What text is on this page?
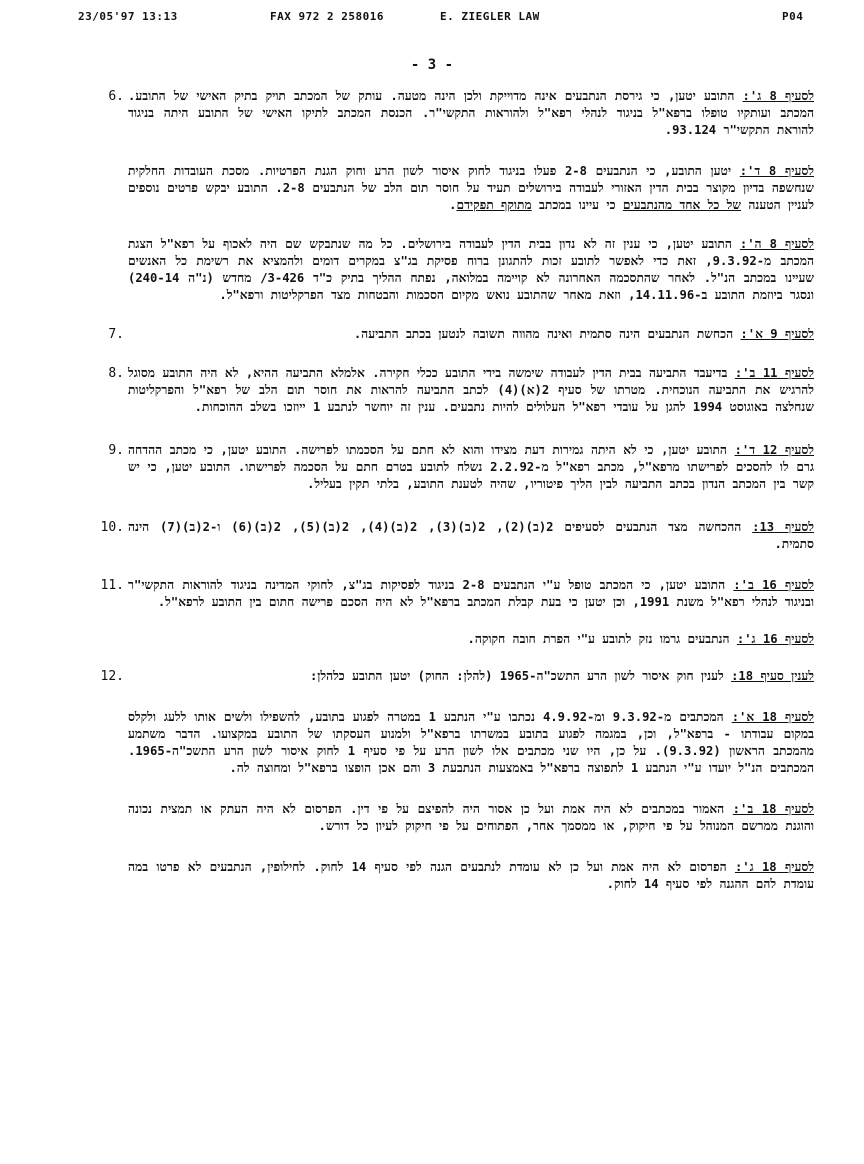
23/05'97 13:13	FAX 972 2 258016	E. ZIEGLER LAW	P04
- 3 -
6.	לסעיף 8 ג': התובע יטען, כי גירסת הנתבעים אינה מדוייקת ולכן הינה מטעה. עותק של המכתב תויק בתיק האישי של התובע. המכתב ועותקיו טופלו ברפא"ל בניגוד לנהלי רפא"ל ולהוראות התקשי"ר. הכנסת המכתב לתיקו האישי של התובע היתה בניגוד להוראת התקשי"ר 93.124.
לסעיף 8 ד': יטען התובע, כי הנתבעים 2-8 פעלו בניגוד לחוק איסור לשון הרע וחוק הגנת הפרטיות. מסכת העובדות החלקית שנחשפה בדיון מקוצר בבית הדין האזורי לעבודה בירושלים תעיד על חוסר תום הלב של הנתבעים 2-8. התובע יבקש פרטים נוספים לעניין הטענה של כל אחד מהנתבעים כי עיינו במכתב מתוקף תפקידם.
לסעיף 8 ה': התובע יטען, כי ענין זה לא נדון בבית הדין לעבודה בירושלים. כל מה שנתבקש שם היה לאכוף על רפא"ל הצגת המכתב מ-9.3.92, זאת כדי לאפשר לתובע זכות להתגונן ברוח פסיקת בג"צ במקרים דומים ולהמציא את רשימת כל האנשים שעיינו במכתב הנ"ל. לאחר שהתסכמה האחרונה לא קויימה במלואה, נפתח ההליך בתיק כ"ד 3-426/ מחדש (נ"ה 240-14) ונסגר ביוזמת התובע ב-14.11.96, וזאת מאחר שהתובע נואש מקיום הסכמות והבטחות מצד הפרקליטות ורפא"ל.
7.	לסעיף 9 א': הכחשת הנתבעים הינה סתמית ואינה מהווה תשובה לנטען בכתב התביעה.
8.	לסעיף 11 ב': בדיעבד התביעה בבית הדין לעבודה שימשה בידי התובע ככלי חקירה. אלמלא התביעה ההיא, לא היה התובע מסוגל להרגיש את התביעה הנוכחית. מטרתו של סעיף 2(א)(4) לכתב התביעה להראות את חוסר תום הלב של רפא"ל והפרקליטות שנחלצה באוגוסט 1994 להגן על עובדי רפא"ל העלולים להיות נתבעים. ענין זה יוחשר לנתבע 1 ייוזכו בשלב ההוכחות.
9.	לסעיף 12 ד': התובע יטען, כי לא היתה גמירות דעת מצידו והוא לא חתם על הסכמתו לפרישה. התובע יטען, כי מכתב ההדחה גרם לו להסכים לפרישתו מרפא"ל, מכתב רפא"ל מ-2.2.92 נשלח לתובע בטרם חתם על הסכמה לפרישתו. התובע יטען, כי יש קשר בין המכתב הנדון בכתב התביעה לבין הליך פיטוריו, שהיה לטענת התובע, בלתי תקין בעליל.
10.	לסעיף 13: ההכחשה מצד הנתבעים לסעיפים 2(ב)(2), 2(ב)(3), 2(ב)(4), 2(ב)(5), 2(ב)(6) ו-2(ב)(7) הינה סתמית.
11.	לסעיף 16 ב': התובע יטען, כי המכתב טופל ע"י הנתבעים 2-8 בניגוד לפסיקות בג"צ, לחוקי המדינה בניגוד להוראות התקשי"ר ובניגוד לנהלי רפא"ל משנת 1991, וכן יטען כי בעת קבלת המכתב ברפא"ל לא היה הסכם פרישה חתום בין התובע לרפא"ל.
לסעיף 16 ג': הנתבעים גרמו נזק לתובע ע"י הפרת חובה חקוקה.
12.	לענין סעיף 18: לענין חוק איסור לשון הרע התשכ"ה-1965 (להלן: החוק) יטען התובע כלהלן:
לסעיף 18 א': המכתבים מ-9.3.92 ומ-4.9.92 נכתבו ע"י הנתבע 1 במטרה לפגוע בתובע, להשפילו ולשים אותו ללעג ולקלס במקום עבודתו - ברפא"ל, וכן, במגמה לפגוע בתובע במשרתו ברפא"ל ולמנוע העסקתו של התובע במקצועו. הדבר משתמע מהמכתב הראשון (9.3.92). על כן, היו שני מכתבים אלו לשון הרע על פי סעיף 1 לחוק איסור לשון הרע התשכ"ה-1965. המכתבים הנ"ל יועדו ע"י הנתבע 1 לתפוצה ברפא"ל באמצעות הנתבעת 3 והם אכן הופצו ברפא"ל ומחוצה לה.
לסעיף 18 ב': האמור במכתבים לא היה אמת ועל כן אסור היה להפיצם על פי דין. הפרסום לא היה העתק או תמצית נכונה והוגנת ממרשם המנוהל על פי חיקוק, או ממסמך אחר, הפתוחים על פי חיקוק לעיון כל דורש.
לסעיף 18 ג': הפרסום לא היה אמת ועל כן לא עומדת לנתבעים הגנה לפי סעיף 14 לחוק. לחילופין, הנתבעים לא פרטו במה עומדת להם ההגנה לפי סעיף 14 לחוק.
